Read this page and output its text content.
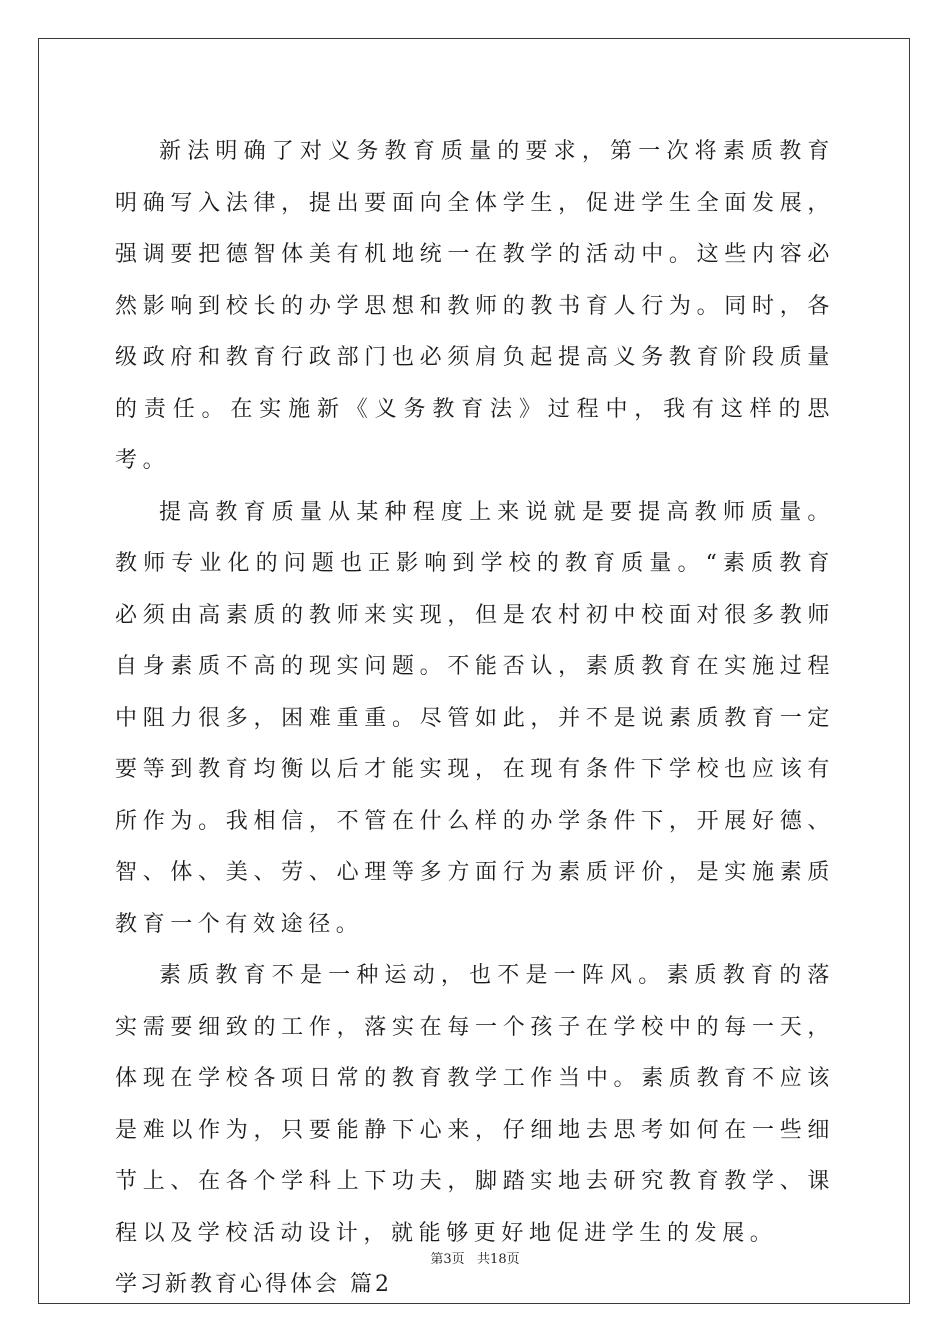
新法明确了对义务教育质量的要求，第一次将素质教育明确写入法律，提出要面向全体学生，促进学生全面发展，强调要把德智体美有机地统一在教学的活动中。这些内容必然影响到校长的办学思想和教师的教书育人行为。同时，各级政府和教育行政部门也必须肩负起提高义务教育阶段质量的责任。在实施新《义务教育法》过程中，我有这样的思考。

提高教育质量从某种程度上来说就是要提高教师质量。教师专业化的问题也正影响到学校的教育质量。“素质教育必须由高素质的教师来实现，但是农村初中校面对很多教师自身素质不高的现实问题。不能否认，素质教育在实施过程中阻力很多，困难重重。尽管如此，并不是说素质教育一定要等到教育均衡以后才能实现，在现有条件下学校也应该有所作为。我相信，不管在什么样的办学条件下，开展好德、智、体、美、劳、心理等多方面行为素质评价，是实施素质教育一个有效途径。

素质教育不是一种运动，也不是一阵风。素质教育的落实需要细致的工作，落实在每一个孩子在学校中的每一天，体现在学校各项日常的教育教学工作当中。素质教育不应该是难以作为，只要能静下心来，仔细地去思考如何在一些细节上、在各个学科上下功夫，脚踏实地去研究教育教学、课程以及学校活动设计，就能够更好地促进学生的发展。

学习新教育心得体会 篇2

第3页   共18页
